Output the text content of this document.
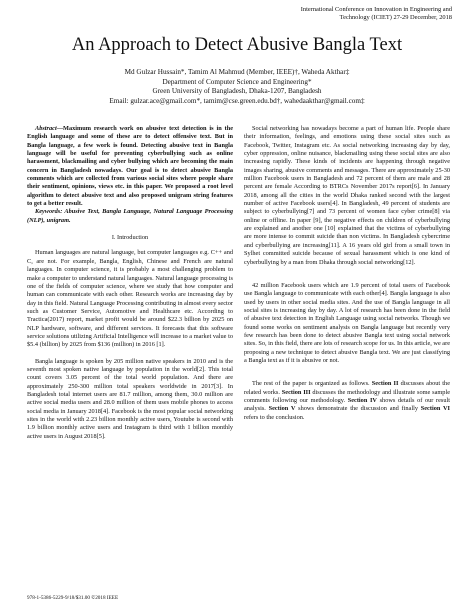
International Conference on Innovation in Engineering and
Technology (ICIET) 27-29 December, 2018
An Approach to Detect Abusive Bangla Text
Md Gulzar Hussain*, Tamim Al Mahmud (Member, IEEE)†, Waheda Akthar‡
Department of Computer Science and Engineering*
Green University of Bangladesh, Dhaka-1207, Bangladesh
Email: gulzar.ace@gmail.com*, tamim@cse.green.edu.bd†, wahedaakthar@gmail.com‡

Abstract—Maximum research work on abusive text detection is in the English language and some of these are to detect offensive text. But in Bangla language, a few work is found. Detecting abusive text in Bangla language will be useful for preventing cyberbullying such as online harassment, blackmailing and cyber bullying which are becoming the main concern in Bangladesh nowadays. Our goal is to detect abusive Bangla comments which are collected from various social sites where people share their sentiment, opinions, views etc. in this paper. We proposed a root level algorithm to detect abusive text and also proposed unigram string features to get a better result.

Keywords: Abusive Text, Bangla Language, Natural Language Processing (NLP), unigram.

I. Introduction

Human languages are natural language, but computer languages e.g. C++ and C, are not. For example, Bangla, English, Chinese and French are natural languages. In computer science, it is probably a most challenging problem to make a computer to understand natural languages. Natural language processing is one of the fields of computer science, where we study that how computer and human can communicate with each other. Research works are increasing day by day in this field. Natural Language Processing contributing in almost every sector such as Customer Service, Automotive and Healthcare etc. According to Tractica(2017) report, market profit would be around $22.3 billion by 2025 on NLP hardware, software, and different services. It forecasts that this software service solutions utilizing Artificial Intelligence will increase to a market value to $5.4 (billion) by 2025 from $136 (million) in 2016 [1].

Bangla language is spoken by 205 million native speakers in 2010 and is the seventh most spoken native language by population in the world[2]. This total count covers 3.05 percent of the total world population. And there are approximately 250-300 million total speakers worldwide in 2017[3]. In Bangladesh total internet users are 81.7 million, among them, 30.0 million are active social media users and 28.0 million of them uses mobile phones to access social media in January 2018[4]. Facebook is the most popular social networking sites in the world with 2.23 billion monthly active users, Youtube is second with 1.9 billion monthly active users and Instagram is third with 1 billion monthly active users in August 2018[5].

Social networking has nowadays become a part of human life. People share their information, feelings, and emotions using these social sites such as Facebook, Twitter, Instagram etc. As social networking increasing day by day, cyber oppression, online nuisance, blackmailing using these social sites are also increasing rapidly. These kinds of incidents are happening through negative images sharing, abusive comments and messages. There are approximately 25-30 million Facebook users in Bangladesh and 72 percent of them are male and 28 percent are female According to BTRCs November 2017s report[6]. In January 2018, among all the cities in the world Dhaka ranked second with the largest number of active Facebook users[4]. In Bangladesh, 49 percent of students are subject to cyberbullying[7] and 73 percent of women face cyber crime[8] via online or offline. In paper [9], the negative effects on children of cyberbullying are explained and another one [10] explained that the victims of cyberbullying are more intense to commit suicide than non victims. In Bangladesh cybercrime and cyberbullying are increasing[11]. A 16 years old girl from a small town in Sylhet committed suicide because of sexual harassment which is one kind of cyberbullying by a man from Dhaka through social networking[12].

42 million Facebook users which are 1.9 percent of total users of Facebook use Bangla language to communicate with each other[4]. Bangla language is also used by users in other social media sites. And the use of Bangla language in all social sites is increasing day by day. A lot of research has been done in the field of abusive text detection in English Language using social networks. Though we found some works on sentiment analysis on Bangla language but recently very few research has been done to detect abusive Bangla text using social network sites. So, in this field, there are lots of research scope for us. In this article, we are proposing a new technique to detect abusive Bangla text. We are just classifying a Bangla text as if it is abusive or not.

The rest of the paper is organized as follows. Section II discusses about the related works. Section III discusses the methodology and illustrate some sample comments following our methodology. Section IV shows details of our result analysis. Section V shows demonstrate the discussion and finally Section VI refers to the conclusion.

978-1-5386-5229-9/18/$31.00 ©2018 IEEE
